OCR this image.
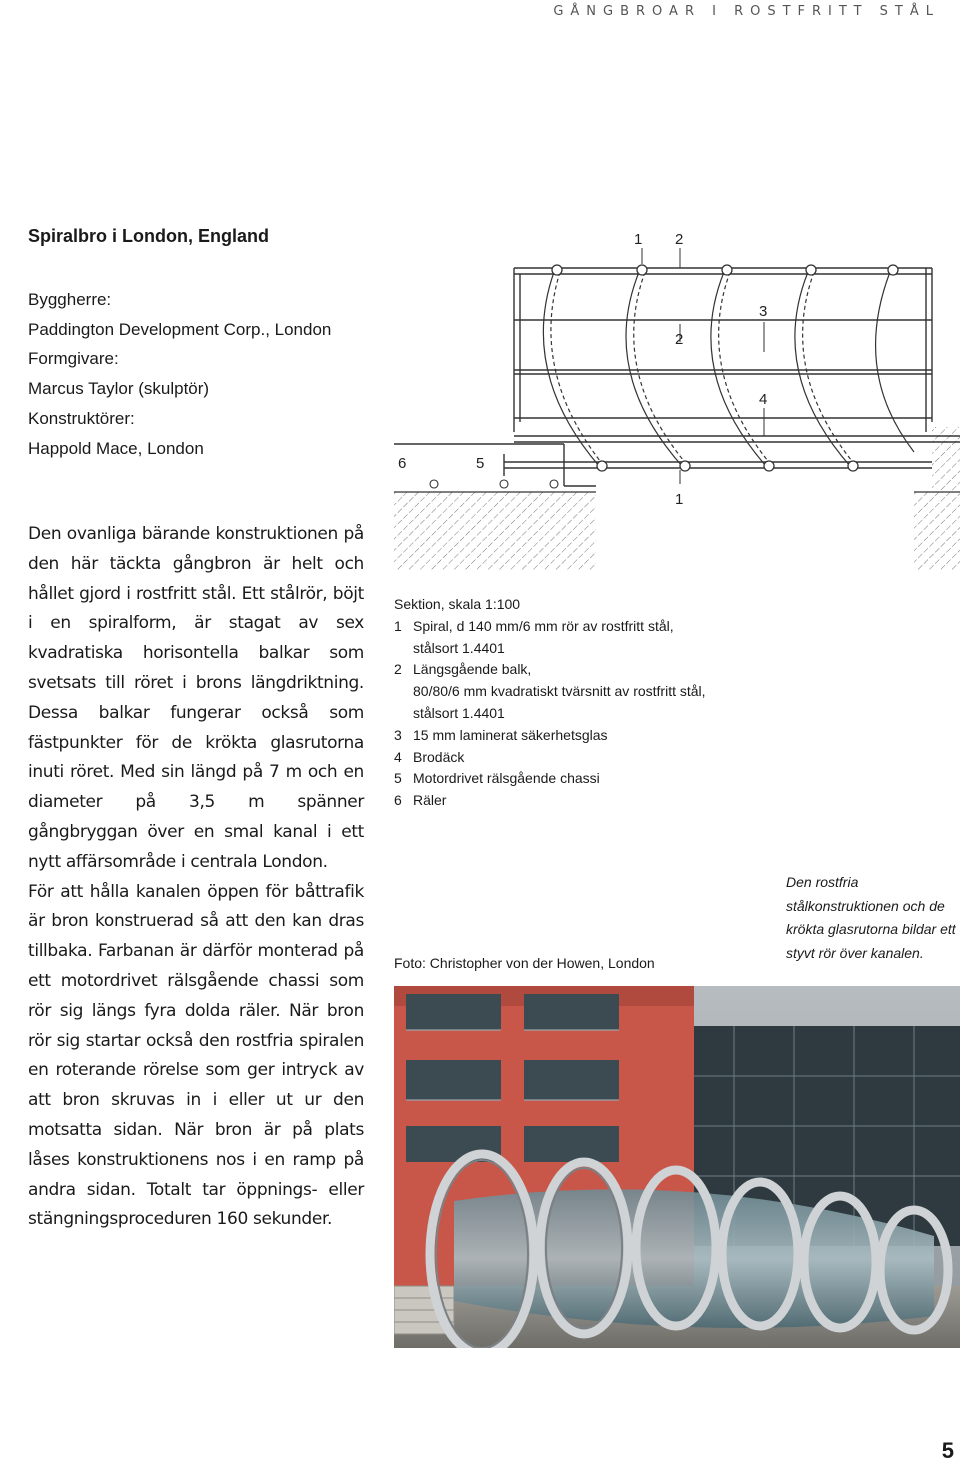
GÅNGBROAR I ROSTFRITT STÅL
Spiralbro i London, England
Byggherre:
Paddington Development Corp., London
Formgivare:
Marcus Taylor (skulptör)
Konstruktörer:
Happold Mace, London

Den ovanliga bärande konstruktionen på den här täckta gångbron är helt och hållet gjord i rostfritt stål. Ett stålrör, böjt i en spiralform, är stagat av sex kvadratiska horisontella balkar som svetsats till röret i brons längdriktning. Dessa balkar fungerar också som fästpunkter för de krökta glasrutorna inuti röret. Med sin längd på 7 m och en diameter på 3,5 m spänner gångbryggan över en smal kanal i ett nytt affärsområde i centrala London.

För att hålla kanalen öppen för båttrafik är bron konstruerad så att den kan dras tillbaka. Farbanan är därför monterad på ett motordrivet rälsgående chassi som rör sig längs fyra dolda räler. När bron rör sig startar också den rostfria spiralen en roterande rörelse som ger intryck av att bron skruvas in i eller ut ur den motsatta sidan. När bron är på plats låses konstruktionens nos i en ramp på andra sidan. Totalt tar öppnings- eller stängningsproceduren 160 sekunder.

1 2
2
3
4
6	5
1
Sektion, skala 1:100
1 Spiral, d 140 mm/6 mm rör av rostfritt stål,
stålsort 1.4401
2 Längsgående balk,
80/80/6 mm kvadratiskt tvärsnitt av rostfritt stål,
stålsort 1.4401
3 15 mm laminerat säkerhetsglas
4 Brodäck
5 Motordrivet rälsgående chassi
6 Räler
Den rostfria stålkonstruktionen och de krökta glasrutorna bildar ett styvt rör över kanalen.
Foto: Christopher von der Howen, London
5
